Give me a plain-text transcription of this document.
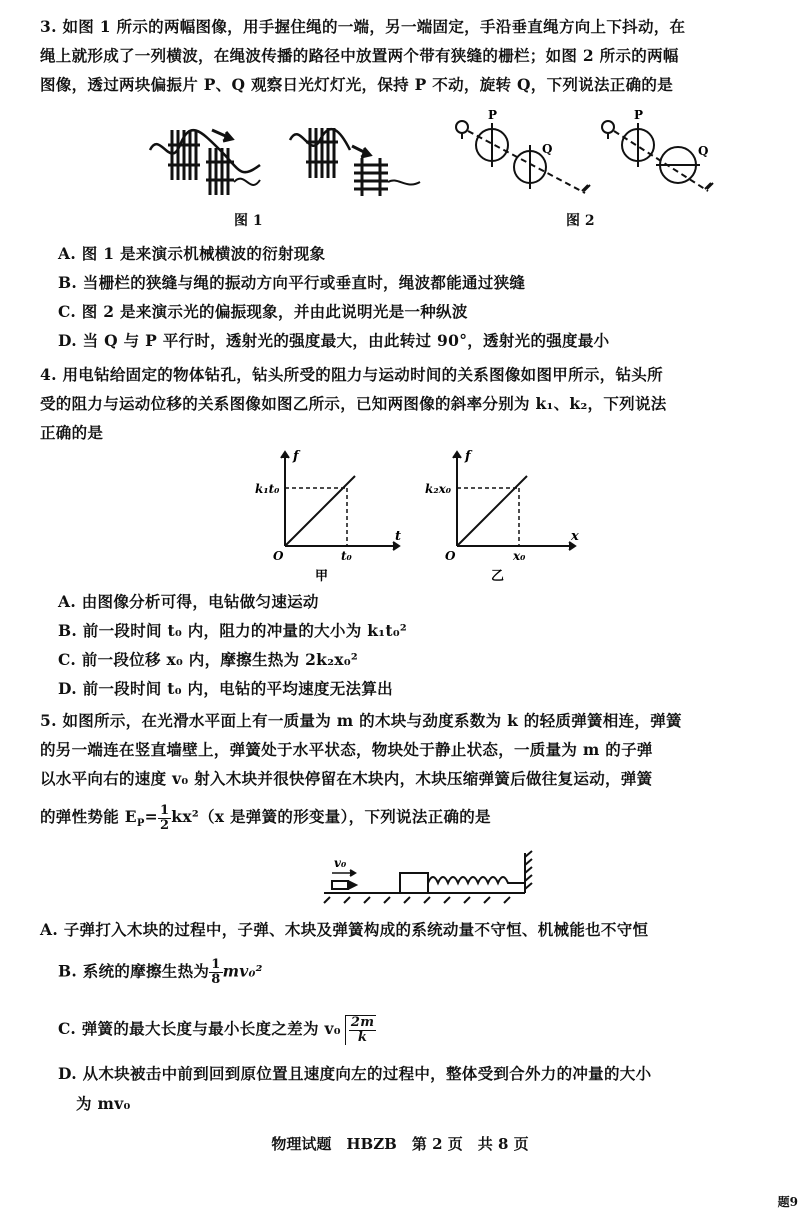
3. 如图 1 所示的两幅图像，用手握住绳的一端，另一端固定，手沿垂直绳方向上下抖动，在
绳上就形成了一列横波，在绳波传播的路径中放置两个带有狭缝的栅栏；如图 2 所示的两幅
图像，透过两块偏振片 P、Q 观察日光灯灯光，保持 P 不动，旋转 Q，下列说法正确的是
图 1
P
Q
P
Q
图 2
A. 图 1 是来演示机械横波的衍射现象
B. 当栅栏的狭缝与绳的振动方向平行或垂直时，绳波都能通过狭缝
C. 图 2 是来演示光的偏振现象，并由此说明光是一种纵波
D. 当 Q 与 P 平行时，透射光的强度最大，由此转过 90°，透射光的强度最小
4. 用电钻给固定的物体钻孔，钻头所受的阻力与运动时间的关系图像如图甲所示，钻头所
受的阻力与运动位移的关系图像如图乙所示，已知两图像的斜率分别为 k₁、k₂，下列说法
正确的是
f
t
O
k₁t₀
t₀
甲
f
x
O
k₂x₀
x₀
乙
A. 由图像分析可得，电钻做匀速运动
B. 前一段时间 t₀ 内，阻力的冲量的大小为 k₁t₀²
C. 前一段位移 x₀ 内，摩擦生热为 2k₂x₀²
D. 前一段时间 t₀ 内，电钻的平均速度无法算出
5. 如图所示，在光滑水平面上有一质量为 m 的木块与劲度系数为 k 的轻质弹簧相连，弹簧
的另一端连在竖直墙壁上，弹簧处于水平状态，物块处于静止状态，一质量为 m 的子弹
以水平向右的速度 v₀ 射入木块并很快停留在木块内，木块压缩弹簧后做往复运动，弹簧
的弹性势能 $E_P= \frac{1}{2} kx^2(x$ 是弹簧的形变量），下列说法正确的是
v₀
A. 子弹打入木块的过程中，子弹、木块及弹簧构成的系统动量不守恒、机械能也不守恒
B. 系统的摩擦生热为 $\frac{1}{8} mv_0^2$
C. 弹簧的最大长度与最小长度之差为 $v_0 \frac{2m}{k}$
D. 从木块被击中前到回到原位置且速度向左的过程中，整体受到合外力的冲量的大小
为 mv₀
物理试题　HBZB　第 2 页　共 8 页
题9
